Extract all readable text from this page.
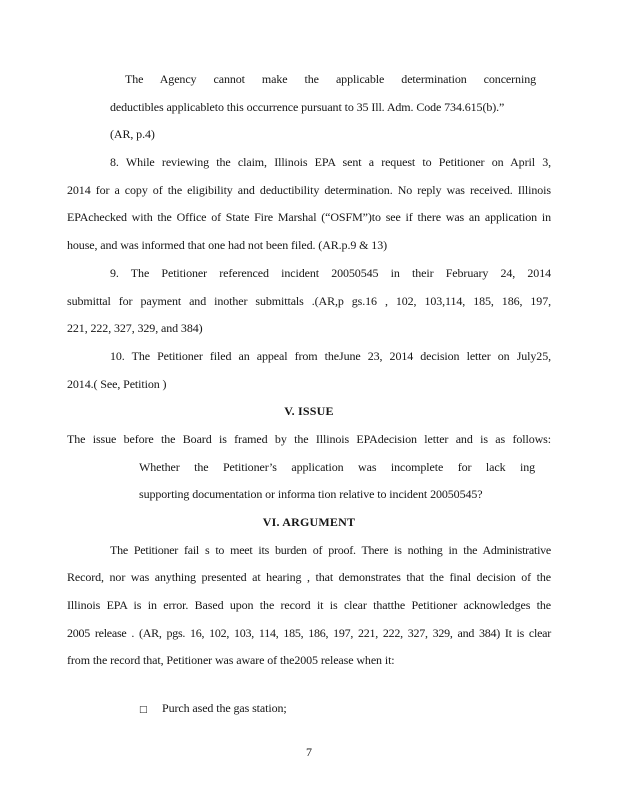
The Agency cannot make the applicable determination concerning
deductibles applicableto this occurrence pursuant to 35 Ill. Adm. Code 734.615(b).”
(AR, p.4)
8. While reviewing the claim, Illinois EPA sent a request to Petitioner on April 3,
2014 for a copy of the eligibility and deductibility determination. No reply was received. Illinois
EPAchecked with the Office of State Fire Marshal (“OSFM”)to see if there was an application in
house, and was informed that one had not been filed. (AR.p.9 & 13)
9. The Petitioner referenced incident 20050545 in their February 24, 2014
submittal for payment and inother submittals .(AR,p gs.16 , 102, 103,114, 185, 186, 197,
221, 222, 327, 329, and 384)
10. The Petitioner filed an appeal from theJune 23, 2014 decision letter on July25,
2014.( See, Petition )
V. ISSUE
The issue before the Board is framed by the Illinois EPAdecision letter and is as follows:
Whether the Petitioner’s application was incomplete for lack ing
supporting documentation or informa tion relative to incident 20050545?
VI. ARGUMENT
The Petitioner fail s to meet its burden of proof. There is nothing in the Administrative
Record, nor was anything presented at hearing , that demonstrates that the final decision of the
Illinois EPA is in error. Based upon the record it is clear thatthe Petitioner acknowledges the
2005 release . (AR, pgs. 16, 102, 103, 114, 185, 186, 197, 221, 222, 327, 329, and 384) It is clear
from the record that, Petitioner was aware of the2005 release when it:
□ Purch ased the gas station;
7
